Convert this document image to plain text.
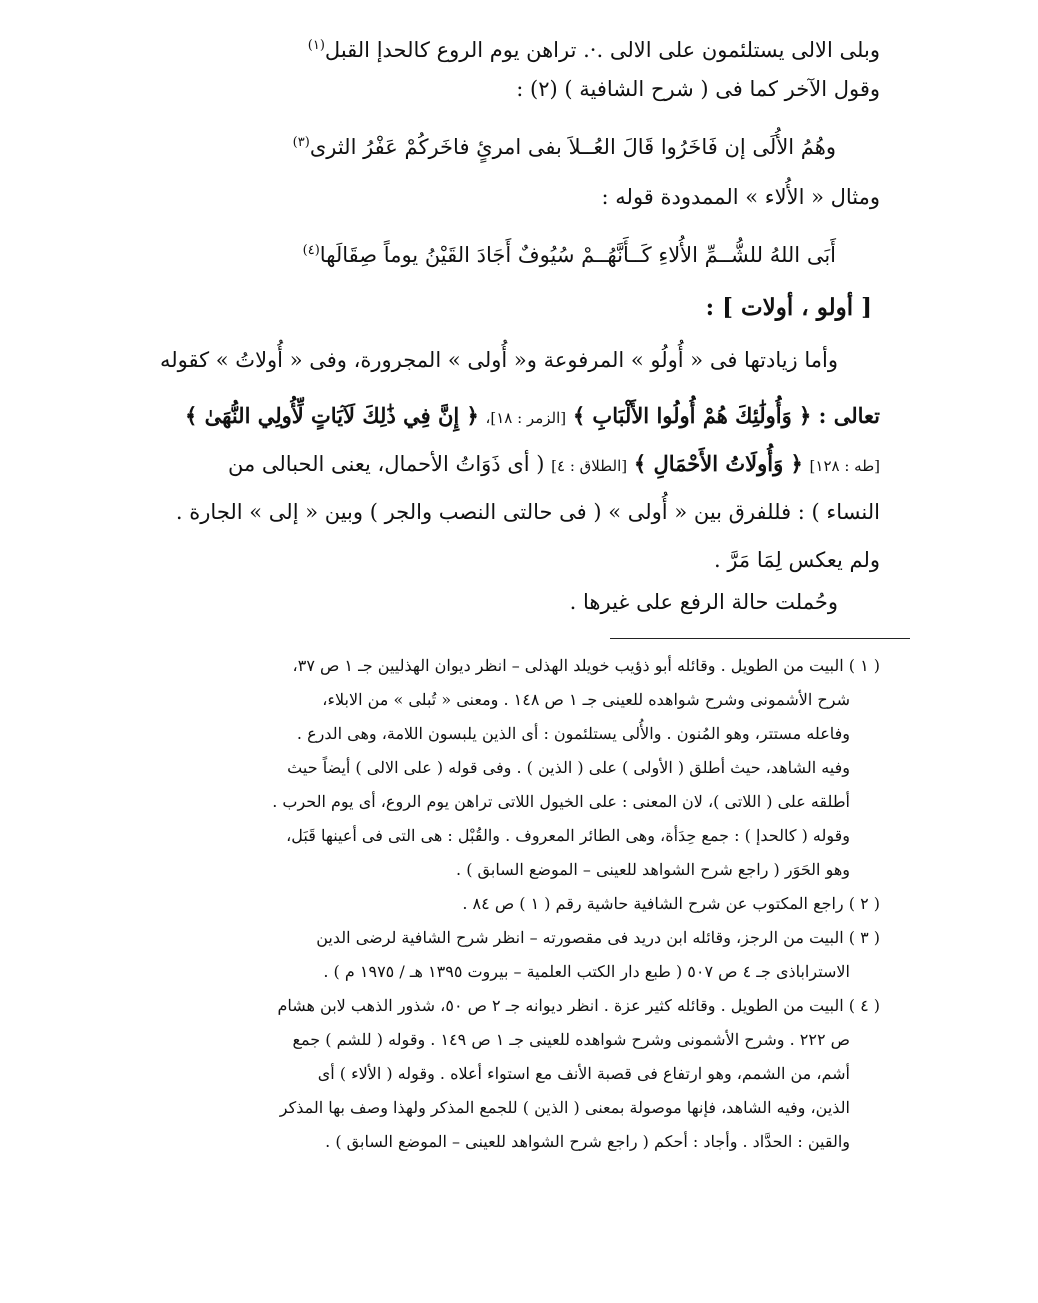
وبلى الالى يستلئمون على الالى .·. تراهن يوم الروع كالحدإ القبل$^{(١)}$
وقول الآخر كما فى ( شرح الشافية ) (٢) :
وهُمُ الأُلَى إن فَاخَرُوا قَالَ العُــلاَ بفى امرئٍ فاخَركُمْ عَفْرُ الثرى$^{(٣)}$
ومثال « الأُلاء » الممدودة قوله :
أَبَى اللهُ للشُّــمِّ الأُلاءِ كَــأَنَّهُــمْ سُيُوفٌ أَجَادَ القَيْنُ يوماً صِقَالَها$^{(٤)}$
[ أولو ، أولات ] :
وأما زيادتها فى « أُولُو » المرفوعة و« أُولى » المجرورة، وفى « أُولاتُ » كقوله
تعالى : ﴿ وَأُولَٰئِكَ هُمْ أُولُوا الأَلْبَابِ ﴾ [الزمر : ١٨]، ﴿ إِنَّ فِي ذَٰلِكَ لَآيَاتٍ لِّأُولِي النُّهَىٰ ﴾
[طه : ١٢٨] ﴿ وَأُولَاتُ الأَحْمَالِ ﴾ [الطلاق : ٤] ( أى ذَوَاتُ الأحمال، يعنى الحبالى من
النساء ) : فللفرق بين « أُولى » ( فى حالتى النصب والجر ) وبين « إلى » الجارة .
ولم يعكس لِمَا مَرَّ .
وحُملت حالة الرفع على غيرها .
( ١ ) البيت من الطويل . وقائله أبو ذؤيب خويلد الهذلى – انظر ديوان الهذليين جـ ١ ص ٣٧،
شرح الأشمونى وشرح شواهده للعينى جـ ١ ص ١٤٨ . ومعنى « تُبلى » من الابلاء،
وفاعله مستتر، وهو المُنون . والأُلى يستلئمون : أى الذين يلبسون اللامة، وهى الدرع .
وفيه الشاهد، حيث أطلق ( الأولى ) على ( الذين ) . وفى قوله ( على الالى ) أيضاً حيث
أطلقه على ( اللاتى )، لان المعنى : على الخيول اللاتى تراهن يوم الروع، أى يوم الحرب .
وقوله ( كالحدإ ) : جمع حِدَأة، وهى الطائر المعروف . والقُبْل : هى التى فى أعينها قَبَل،
وهو الحَوَر ( راجع شرح الشواهد للعينى – الموضع السابق ) .
( ٢ ) راجع المكتوب عن شرح الشافية حاشية رقم ( ١ ) ص ٨٤ .
( ٣ ) البيت من الرجز، وقائله ابن دريد فى مقصورته – انظر شرح الشافية لرضى الدين
الاستراباذى جـ ٤ ص ٥٠٧ ( طبع دار الكتب العلمية – بيروت ١٣٩٥ هـ / ١٩٧٥ م ) .
( ٤ ) البيت من الطويل . وقائله كثير عزة . انظر ديوانه جـ ٢ ص ٥٠، شذور الذهب لابن هشام
ص ٢٢٢ . وشرح الأشمونى وشرح شواهده للعينى جـ ١ ص ١٤٩ . وقوله ( للشم ) جمع
أشم، من الشمم، وهو ارتفاع فى قصبة الأنف مع استواء أعلاه . وقوله ( الألاء ) أى
الذين، وفيه الشاهد، فإنها موصولة بمعنى ( الذين ) للجمع المذكر ولهذا وصف بها المذكر
والقين : الحدَّاد . وأجاد : أحكم ( راجع شرح الشواهد للعينى – الموضع السابق ) .
